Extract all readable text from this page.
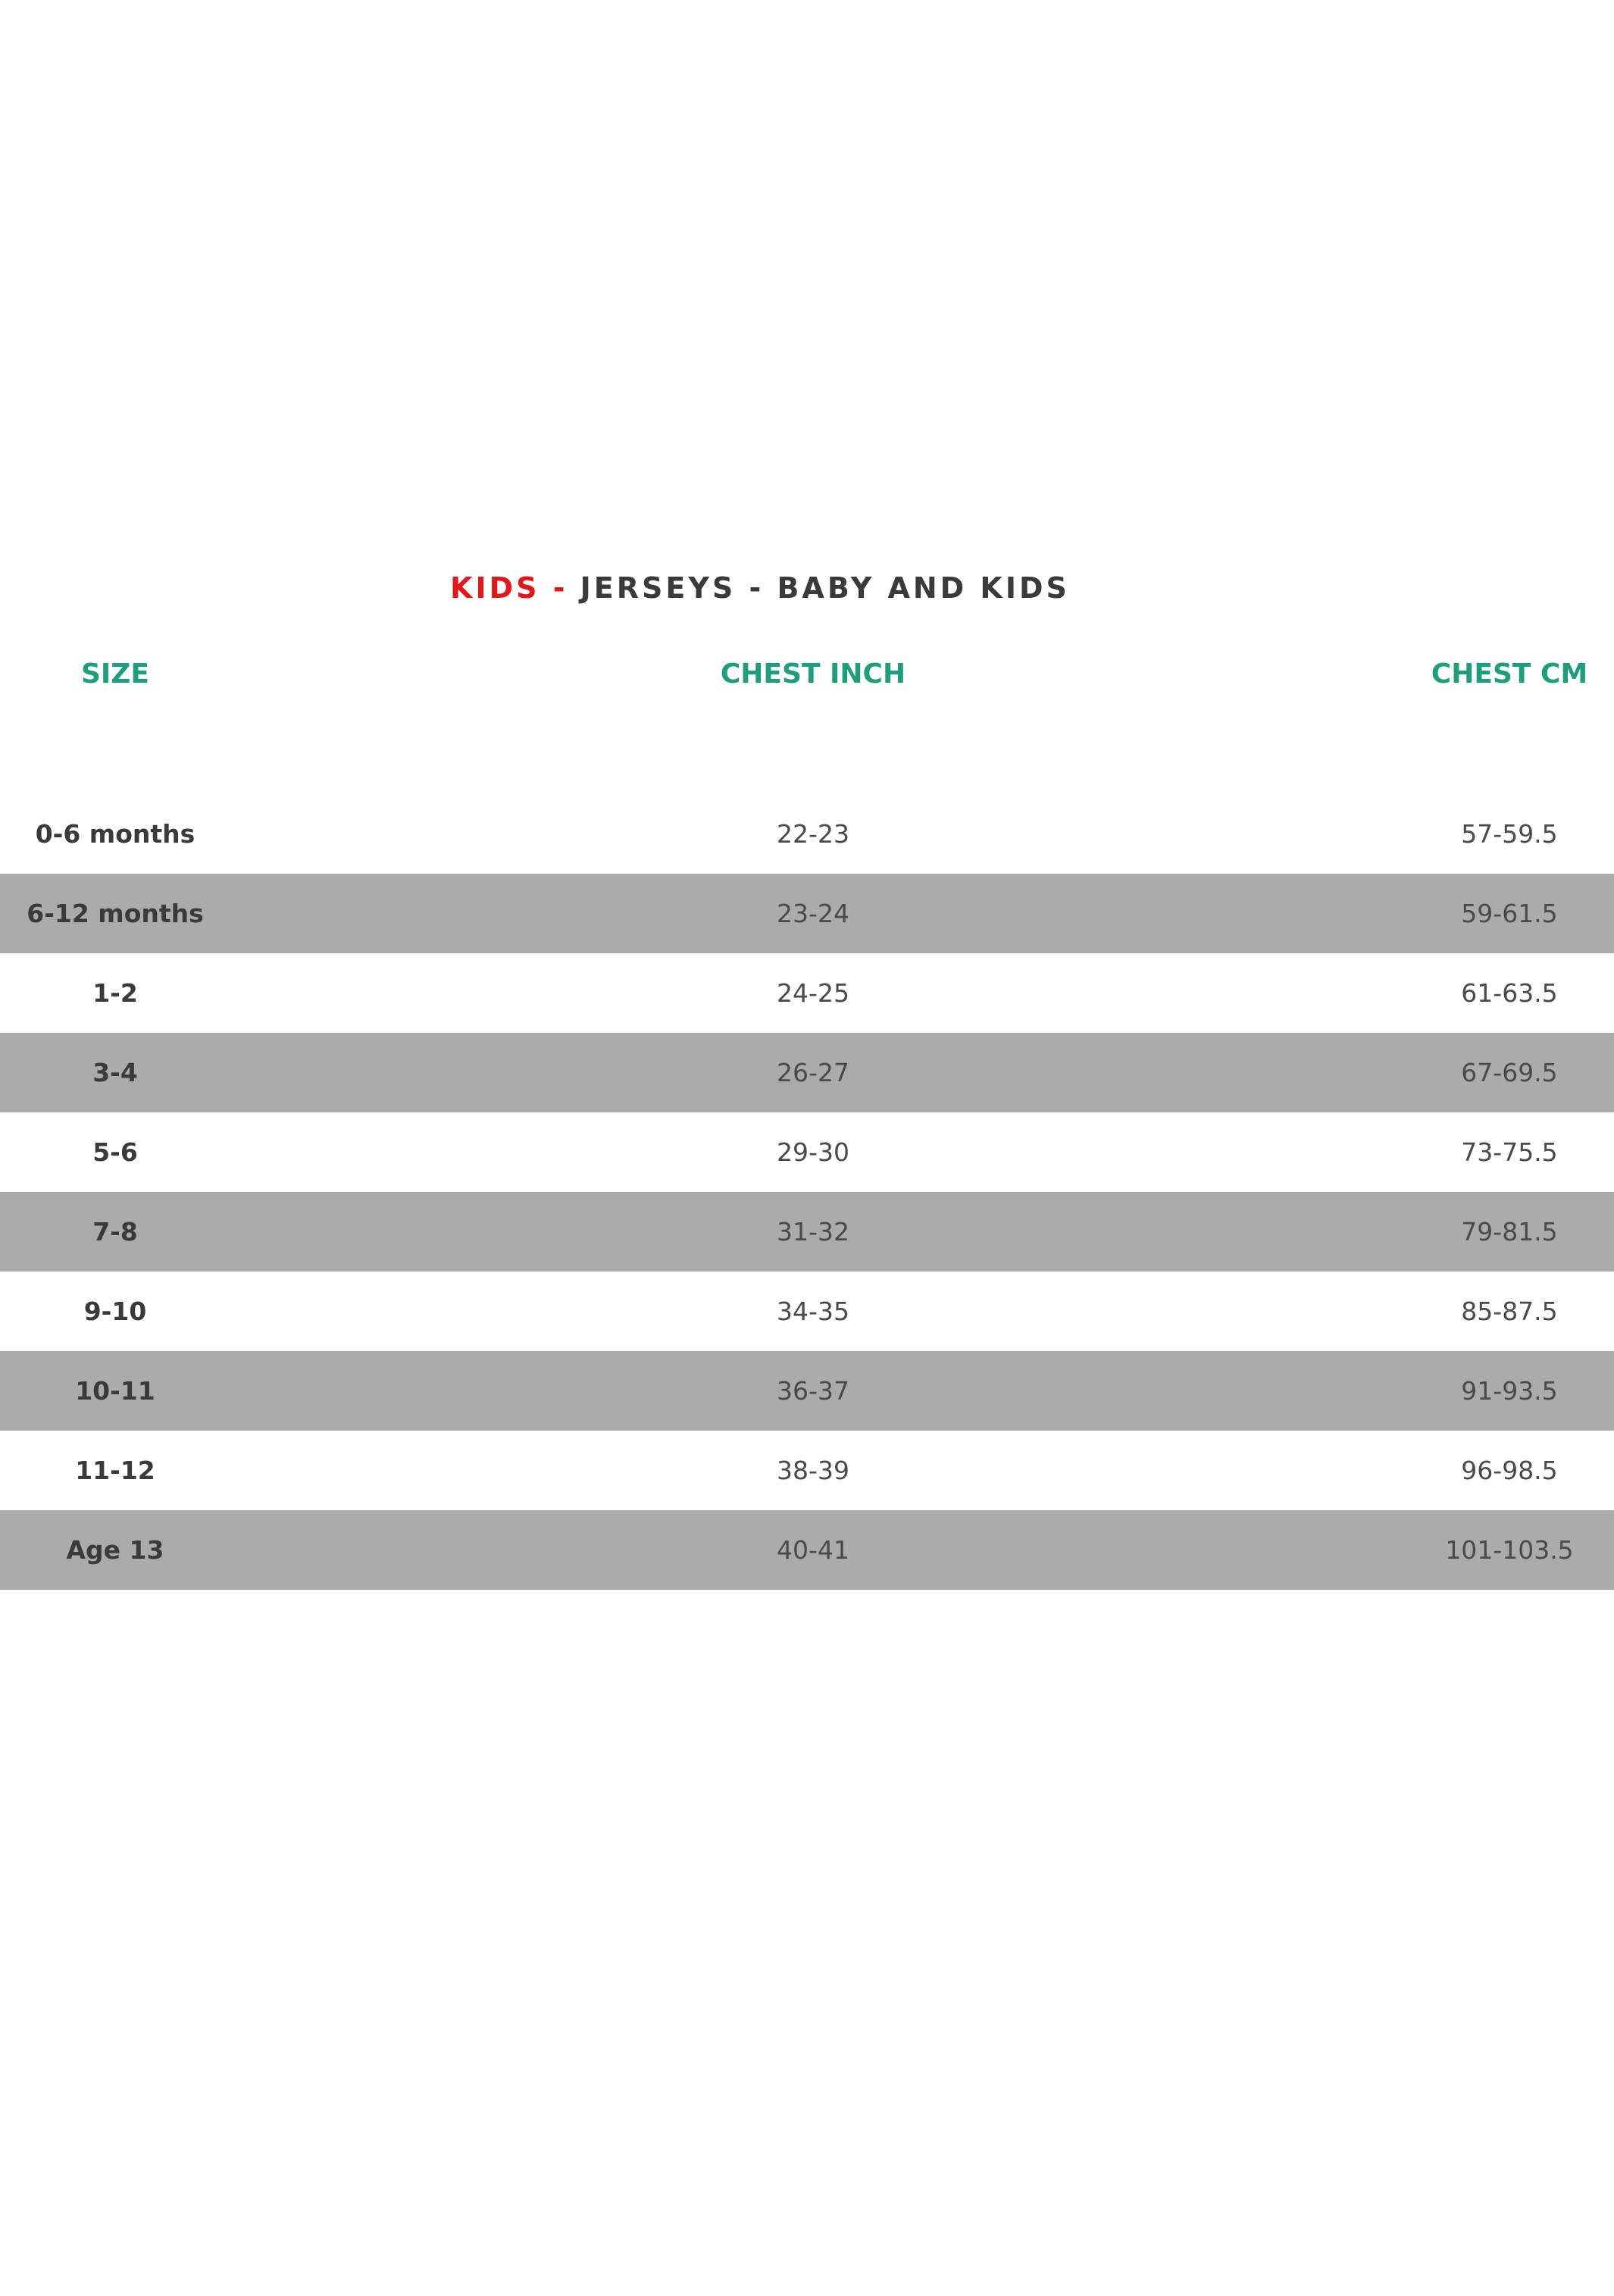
KIDS - JERSEYS - BABY AND KIDS
SIZE	CHEST INCH	CHEST CM
0-6 months	22-23	57-59.5
6-12 months	23-24	59-61.5
1-2	24-25	61-63.5
3-4	26-27	67-69.5
5-6	29-30	73-75.5
7-8	31-32	79-81.5
9-10	34-35	85-87.5
10-11	36-37	91-93.5
11-12	38-39	96-98.5
Age 13	40-41	101-103.5
